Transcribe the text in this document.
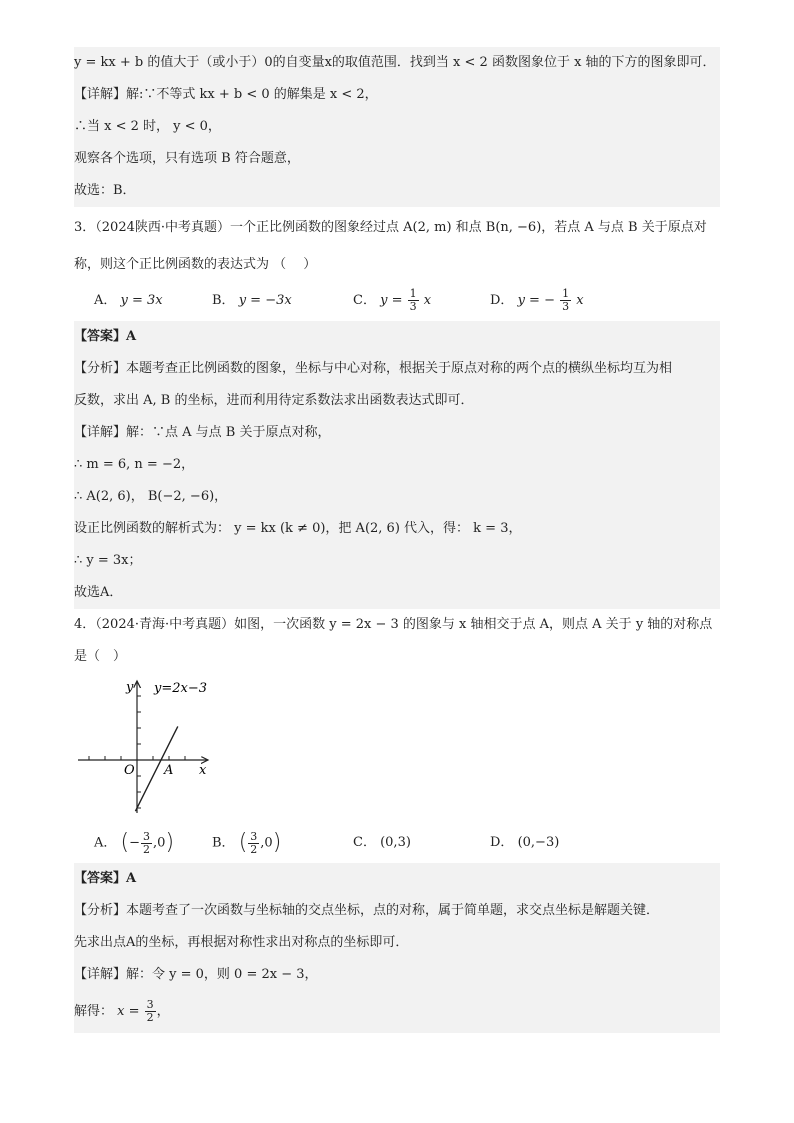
y = kx + b 的值大于（或小于）0的自变量x的取值范围．找到当 x < 2 函数图象位于 x 轴的下方的图象即可．
【详解】解:∵不等式 kx + b < 0 的解集是 x < 2，
∴当 x < 2 时， y < 0，
观察各个选项，只有选项 B 符合题意，
故选：B．
3．（2024陕西·中考真题）一个正比例函数的图象经过点 A(2, m) 和点 B(n, −6)，若点 A 与点 B 关于原点对
称，则这个正比例函数的表达式为 （　 ）
A． y = 3x	B． y = −3x	C． $y = \frac{1}{3}$ x	D． y = − $\frac{1}{3}$ x
【答案】A
【分析】本题考查正比例函数的图象，坐标与中心对称，根据关于原点对称的两个点的横纵坐标均互为相
反数，求出 A, B 的坐标，进而利用待定系数法求出函数表达式即可．
【详解】解：∵点 A 与点 B 关于原点对称，
∴ m = 6, n = −2，
∴ A(2, 6)， B(−2, −6)，
设正比例函数的解析式为： y = kx (k ≠ 0)，把 A(2, 6) 代入，得： k = 3，
∴ y = 3x；
故选A．
4．（2024·青海·中考真题）如图，一次函数 y = 2x − 3 的图象与 x 轴相交于点 A，则点 A 关于 y 轴的对称点
是（　）
y
x
O A
y=2x−3
A． (− $\frac{3}{2} ,0$)	B． ( $\frac{3}{2} ,0$)	C． (0,3)	D． (0,−3)
【答案】A
【分析】本题考查了一次函数与坐标轴的交点坐标，点的对称，属于简单题，求交点坐标是解题关键．
先求出点A的坐标，再根据对称性求出对称点的坐标即可．
【详解】解：令 y = 0，则 0 = 2x − 3，
解得： $x = \frac{3}{2}$ ，
